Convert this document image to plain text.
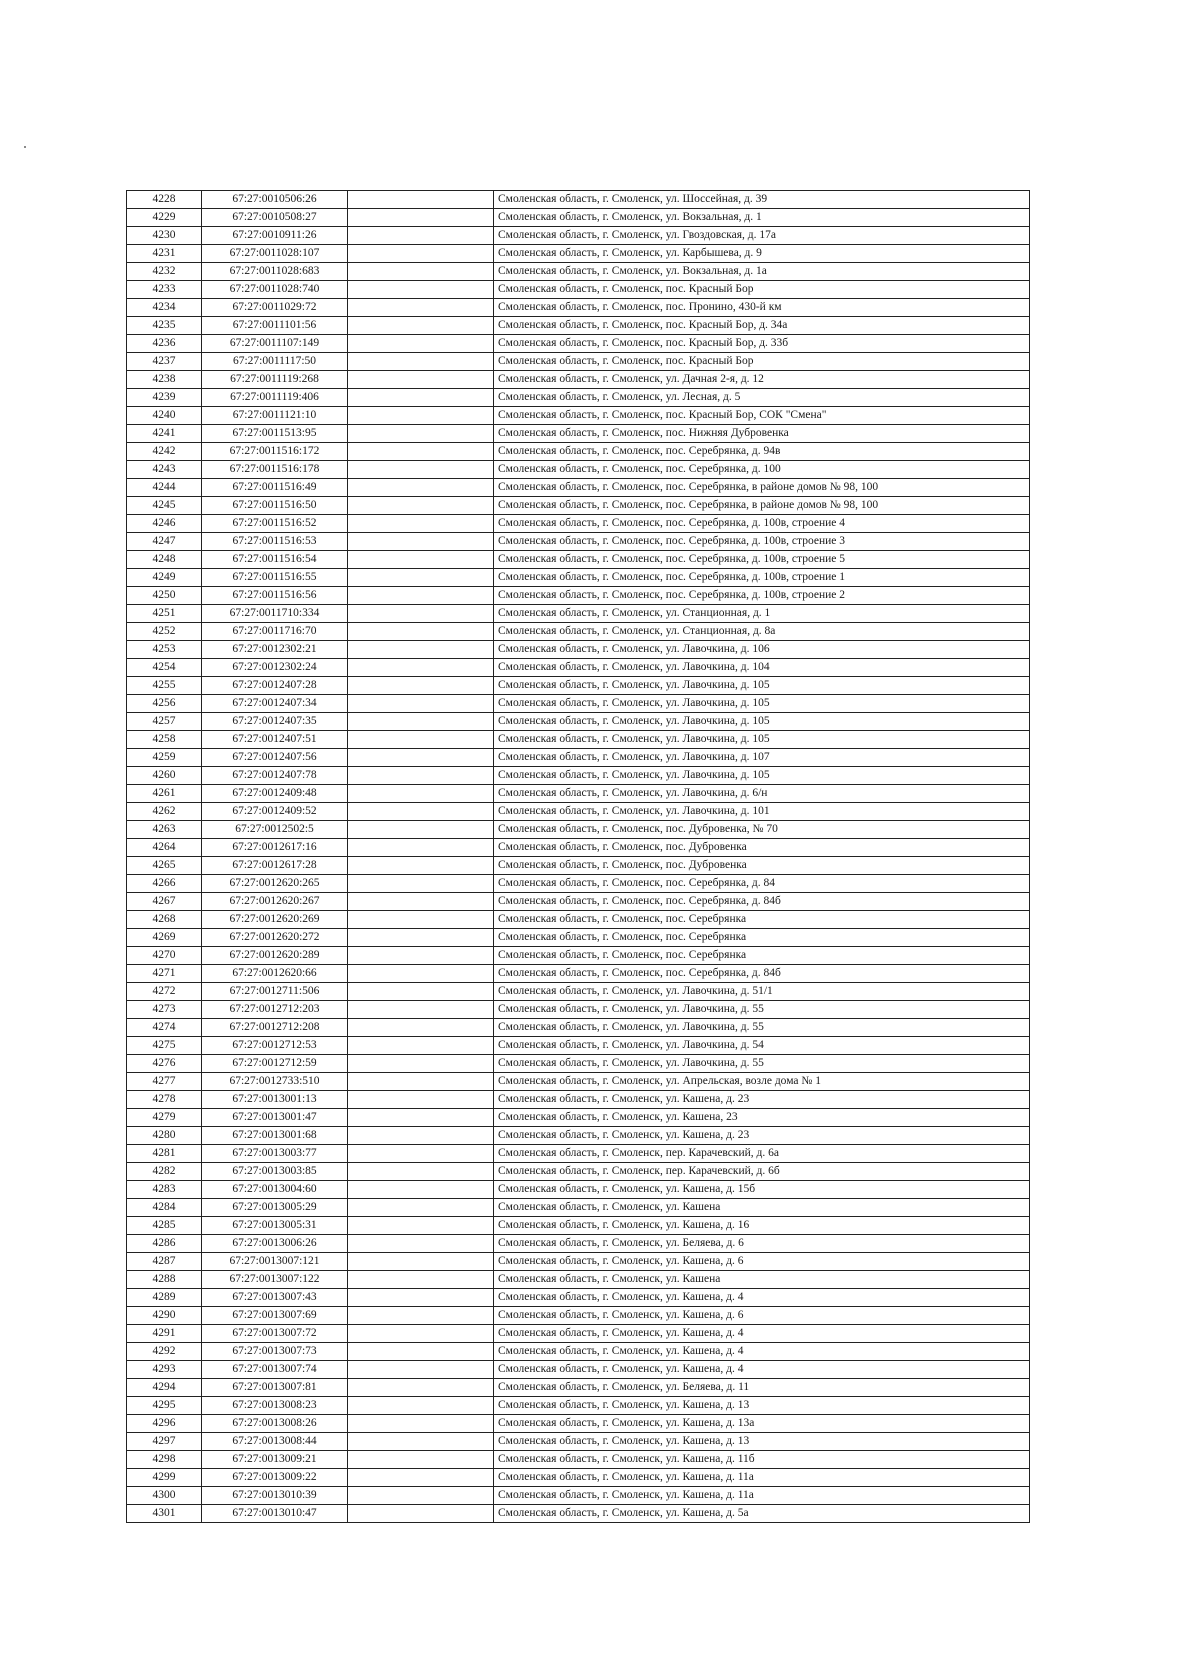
4228	67:27:0010506:26		Смоленская область, г. Смоленск, ул. Шоссейная, д. 39
4229	67:27:0010508:27		Смоленская область, г. Смоленск, ул. Вокзальная, д. 1
4230	67:27:0010911:26		Смоленская область, г. Смоленск, ул. Гвоздовская, д. 17а
4231	67:27:0011028:107		Смоленская область, г. Смоленск, ул. Карбышева, д. 9
4232	67:27:0011028:683		Смоленская область, г. Смоленск, ул. Вокзальная, д. 1а
4233	67:27:0011028:740		Смоленская область, г. Смоленск, пос. Красный Бор
4234	67:27:0011029:72		Смоленская область, г. Смоленск, пос. Пронино, 430-й км
4235	67:27:0011101:56		Смоленская область, г. Смоленск, пос. Красный Бор, д. 34а
4236	67:27:0011107:149		Смоленская область, г. Смоленск, пос. Красный Бор, д. 33б
4237	67:27:0011117:50		Смоленская область, г. Смоленск, пос. Красный Бор
4238	67:27:0011119:268		Смоленская область, г. Смоленск, ул. Дачная 2-я, д. 12
4239	67:27:0011119:406		Смоленская область, г. Смоленск, ул. Лесная, д. 5
4240	67:27:0011121:10		Смоленская область, г. Смоленск, пос. Красный Бор, СОК "Смена"
4241	67:27:0011513:95		Смоленская область, г. Смоленск, пос. Нижняя Дубровенка
4242	67:27:0011516:172		Смоленская область, г. Смоленск, пос. Серебрянка, д. 94в
4243	67:27:0011516:178		Смоленская область, г. Смоленск, пос. Серебрянка, д. 100
4244	67:27:0011516:49		Смоленская область, г. Смоленск, пос. Серебрянка, в районе домов № 98, 100
4245	67:27:0011516:50		Смоленская область, г. Смоленск, пос. Серебрянка, в районе домов № 98, 100
4246	67:27:0011516:52		Смоленская область, г. Смоленск, пос. Серебрянка, д. 100в, строение 4
4247	67:27:0011516:53		Смоленская область, г. Смоленск, пос. Серебрянка, д. 100в, строение 3
4248	67:27:0011516:54		Смоленская область, г. Смоленск, пос. Серебрянка, д. 100в, строение 5
4249	67:27:0011516:55		Смоленская область, г. Смоленск, пос. Серебрянка, д. 100в, строение 1
4250	67:27:0011516:56		Смоленская область, г. Смоленск, пос. Серебрянка, д. 100в, строение 2
4251	67:27:0011710:334		Смоленская область, г. Смоленск, ул. Станционная, д. 1
4252	67:27:0011716:70		Смоленская область, г. Смоленск, ул. Станционная, д. 8а
4253	67:27:0012302:21		Смоленская область, г. Смоленск, ул. Лавочкина, д. 106
4254	67:27:0012302:24		Смоленская область, г. Смоленск, ул. Лавочкина, д. 104
4255	67:27:0012407:28		Смоленская область, г. Смоленск, ул. Лавочкина, д. 105
4256	67:27:0012407:34		Смоленская область, г. Смоленск, ул. Лавочкина, д. 105
4257	67:27:0012407:35		Смоленская область, г. Смоленск, ул. Лавочкина, д. 105
4258	67:27:0012407:51		Смоленская область, г. Смоленск, ул. Лавочкина, д. 105
4259	67:27:0012407:56		Смоленская область, г. Смоленск, ул. Лавочкина, д. 107
4260	67:27:0012407:78		Смоленская область, г. Смоленск, ул. Лавочкина, д. 105
4261	67:27:0012409:48		Смоленская область, г. Смоленск, ул. Лавочкина, д. 6/н
4262	67:27:0012409:52		Смоленская область, г. Смоленск, ул. Лавочкина, д. 101
4263	67:27:0012502:5		Смоленская область, г. Смоленск, пос. Дубровенка, № 70
4264	67:27:0012617:16		Смоленская область, г. Смоленск, пос. Дубровенка
4265	67:27:0012617:28		Смоленская область, г. Смоленск, пос. Дубровенка
4266	67:27:0012620:265		Смоленская область, г. Смоленск, пос. Серебрянка, д. 84
4267	67:27:0012620:267		Смоленская область, г. Смоленск, пос. Серебрянка, д. 84б
4268	67:27:0012620:269		Смоленская область, г. Смоленск, пос. Серебрянка
4269	67:27:0012620:272		Смоленская область, г. Смоленск, пос. Серебрянка
4270	67:27:0012620:289		Смоленская область, г. Смоленск, пос. Серебрянка
4271	67:27:0012620:66		Смоленская область, г. Смоленск, пос. Серебрянка, д. 84б
4272	67:27:0012711:506		Смоленская область, г. Смоленск, ул. Лавочкина, д. 51/1
4273	67:27:0012712:203		Смоленская область, г. Смоленск, ул. Лавочкина, д. 55
4274	67:27:0012712:208		Смоленская область, г. Смоленск, ул. Лавочкина, д. 55
4275	67:27:0012712:53		Смоленская область, г. Смоленск, ул. Лавочкина, д. 54
4276	67:27:0012712:59		Смоленская область, г. Смоленск, ул. Лавочкина, д. 55
4277	67:27:0012733:510		Смоленская область, г. Смоленск, ул. Апрельская, возле дома № 1
4278	67:27:0013001:13		Смоленская область, г. Смоленск, ул. Кашена, д. 23
4279	67:27:0013001:47		Смоленская область, г. Смоленск, ул. Кашена, 23
4280	67:27:0013001:68		Смоленская область, г. Смоленск, ул. Кашена, д. 23
4281	67:27:0013003:77		Смоленская область, г. Смоленск, пер. Карачевский, д. 6а
4282	67:27:0013003:85		Смоленская область, г. Смоленск, пер. Карачевский, д. 6б
4283	67:27:0013004:60		Смоленская область, г. Смоленск, ул. Кашена, д. 15б
4284	67:27:0013005:29		Смоленская область, г. Смоленск, ул. Кашена
4285	67:27:0013005:31		Смоленская область, г. Смоленск, ул. Кашена, д. 16
4286	67:27:0013006:26		Смоленская область, г. Смоленск, ул. Беляева, д. 6
4287	67:27:0013007:121		Смоленская область, г. Смоленск, ул. Кашена, д. 6
4288	67:27:0013007:122		Смоленская область, г. Смоленск, ул. Кашена
4289	67:27:0013007:43		Смоленская область, г. Смоленск, ул. Кашена, д. 4
4290	67:27:0013007:69		Смоленская область, г. Смоленск, ул. Кашена, д. 6
4291	67:27:0013007:72		Смоленская область, г. Смоленск, ул. Кашена, д. 4
4292	67:27:0013007:73		Смоленская область, г. Смоленск, ул. Кашена, д. 4
4293	67:27:0013007:74		Смоленская область, г. Смоленск, ул. Кашена, д. 4
4294	67:27:0013007:81		Смоленская область, г. Смоленск, ул. Беляева, д. 11
4295	67:27:0013008:23		Смоленская область, г. Смоленск, ул. Кашена, д. 13
4296	67:27:0013008:26		Смоленская область, г. Смоленск, ул. Кашена, д. 13а
4297	67:27:0013008:44		Смоленская область, г. Смоленск, ул. Кашена, д. 13
4298	67:27:0013009:21		Смоленская область, г. Смоленск, ул. Кашена, д. 11б
4299	67:27:0013009:22		Смоленская область, г. Смоленск, ул. Кашена, д. 11а
4300	67:27:0013010:39		Смоленская область, г. Смоленск, ул. Кашена, д. 11а
4301	67:27:0013010:47		Смоленская область, г. Смоленск, ул. Кашена, д. 5а
